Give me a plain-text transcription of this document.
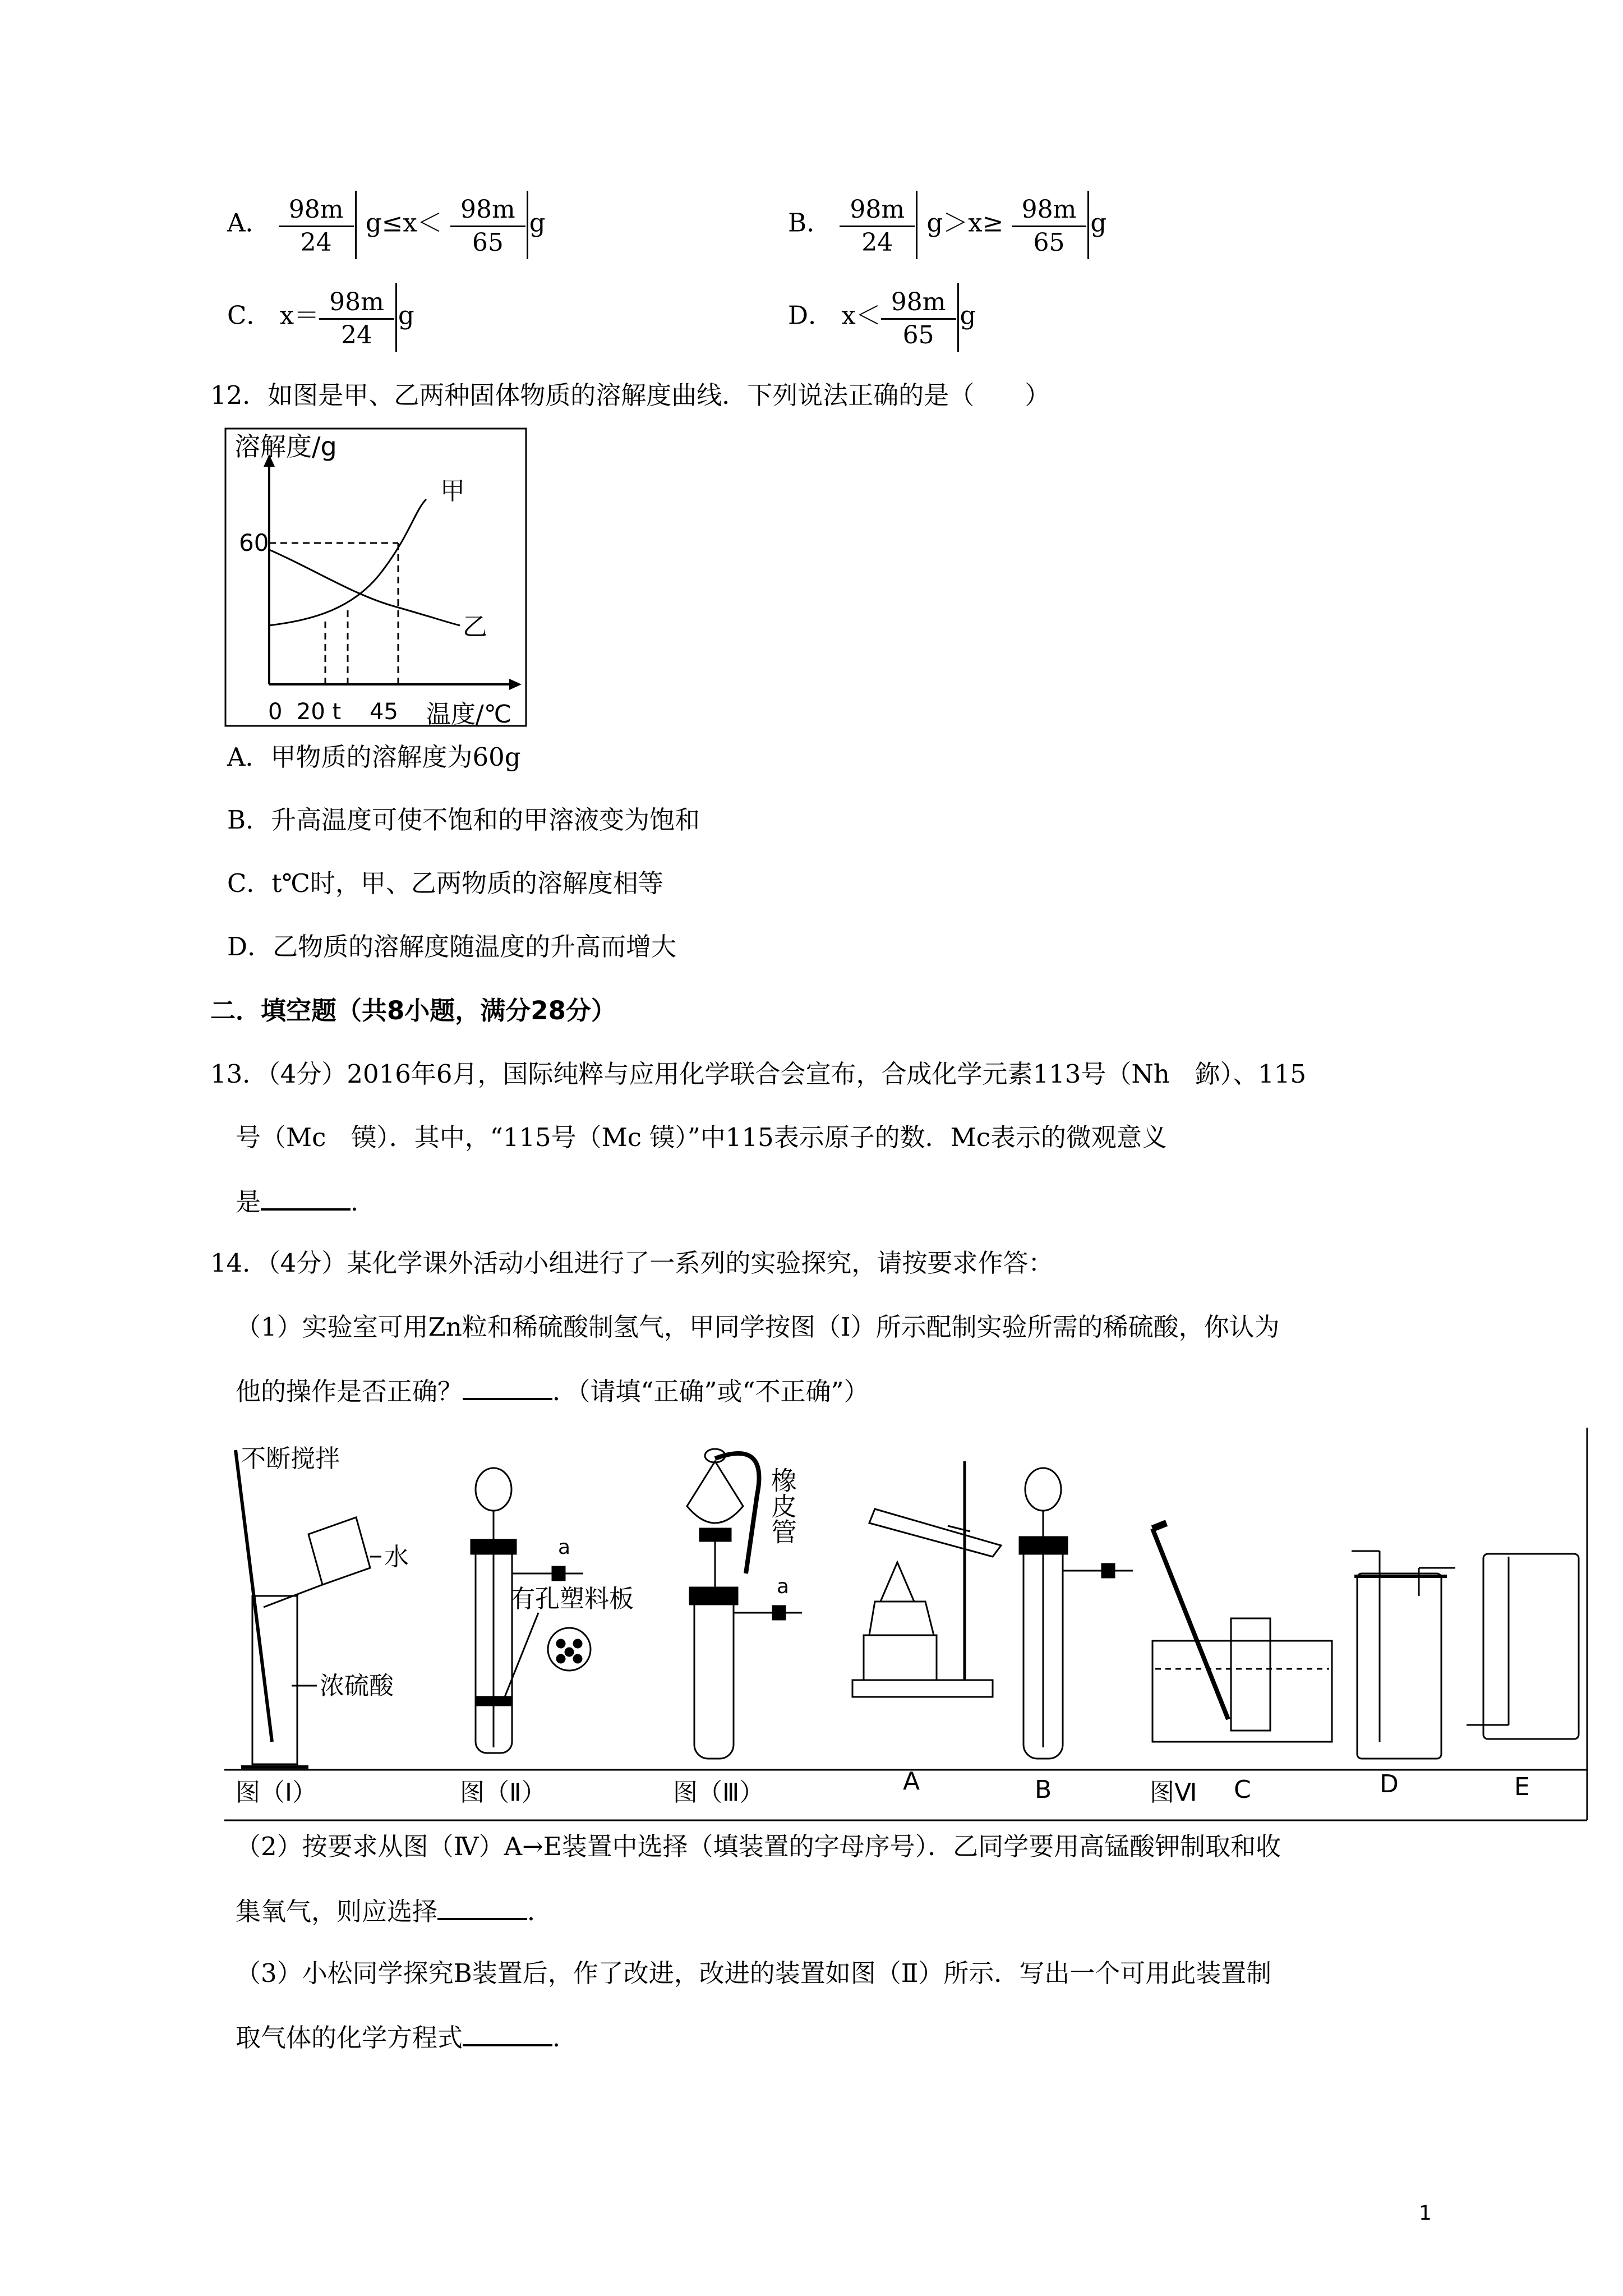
A． $\frac{98m}{24} g\le x< \frac{98m}{65}$ g	B． $\frac{98m}{24} g>x\ge \frac{98m}{65}$ g
C． $x= \frac{98m}{24}$ g	D． $x< \frac{98m}{65}$ g
12．如图是甲、乙两种固体物质的溶解度曲线．下列说法正确的是（　　）
溶解度/g
60
甲
乙
0  20 t    45 温度/℃
A．甲物质的溶解度为60g
B．升高温度可使不饱和的甲溶液变为饱和
C．t℃时，甲、乙两物质的溶解度相等
D．乙物质的溶解度随温度的升高而增大
二．填空题（共8小题，满分28分）
13．（4分）2016年6月，国际纯粹与应用化学联合会宣布，合成化学元素113号（Nh　鉨）、115
号（Mc　镆）．其中，“115号（Mc 镆）”中115表示原子的数．Mc表示的微观意义
是	．
14．（4分）某化学课外活动小组进行了一系列的实验探究，请按要求作答：
（1）实验室可用Zn粒和稀硫酸制氢气，甲同学按图（Ⅰ）所示配制实验所需的稀硫酸，你认为
他的操作是否正确？	．（请填“正确”或“不正确”）
不断搅拌
水
浓硫酸
图（Ⅰ）
a
有孔塑料板
图（Ⅱ）
橡皮管
a
图（Ⅲ）	A	B	图Ⅵ C	D	E
（2）按要求从图（Ⅳ）A→E装置中选择（填装置的字母序号）．乙同学要用高锰酸钾制取和收
集氧气，则应选择	．
（3）小松同学探究B装置后，作了改进，改进的装置如图（Ⅱ）所示．写出一个可用此装置制
取气体的化学方程式	．
1
